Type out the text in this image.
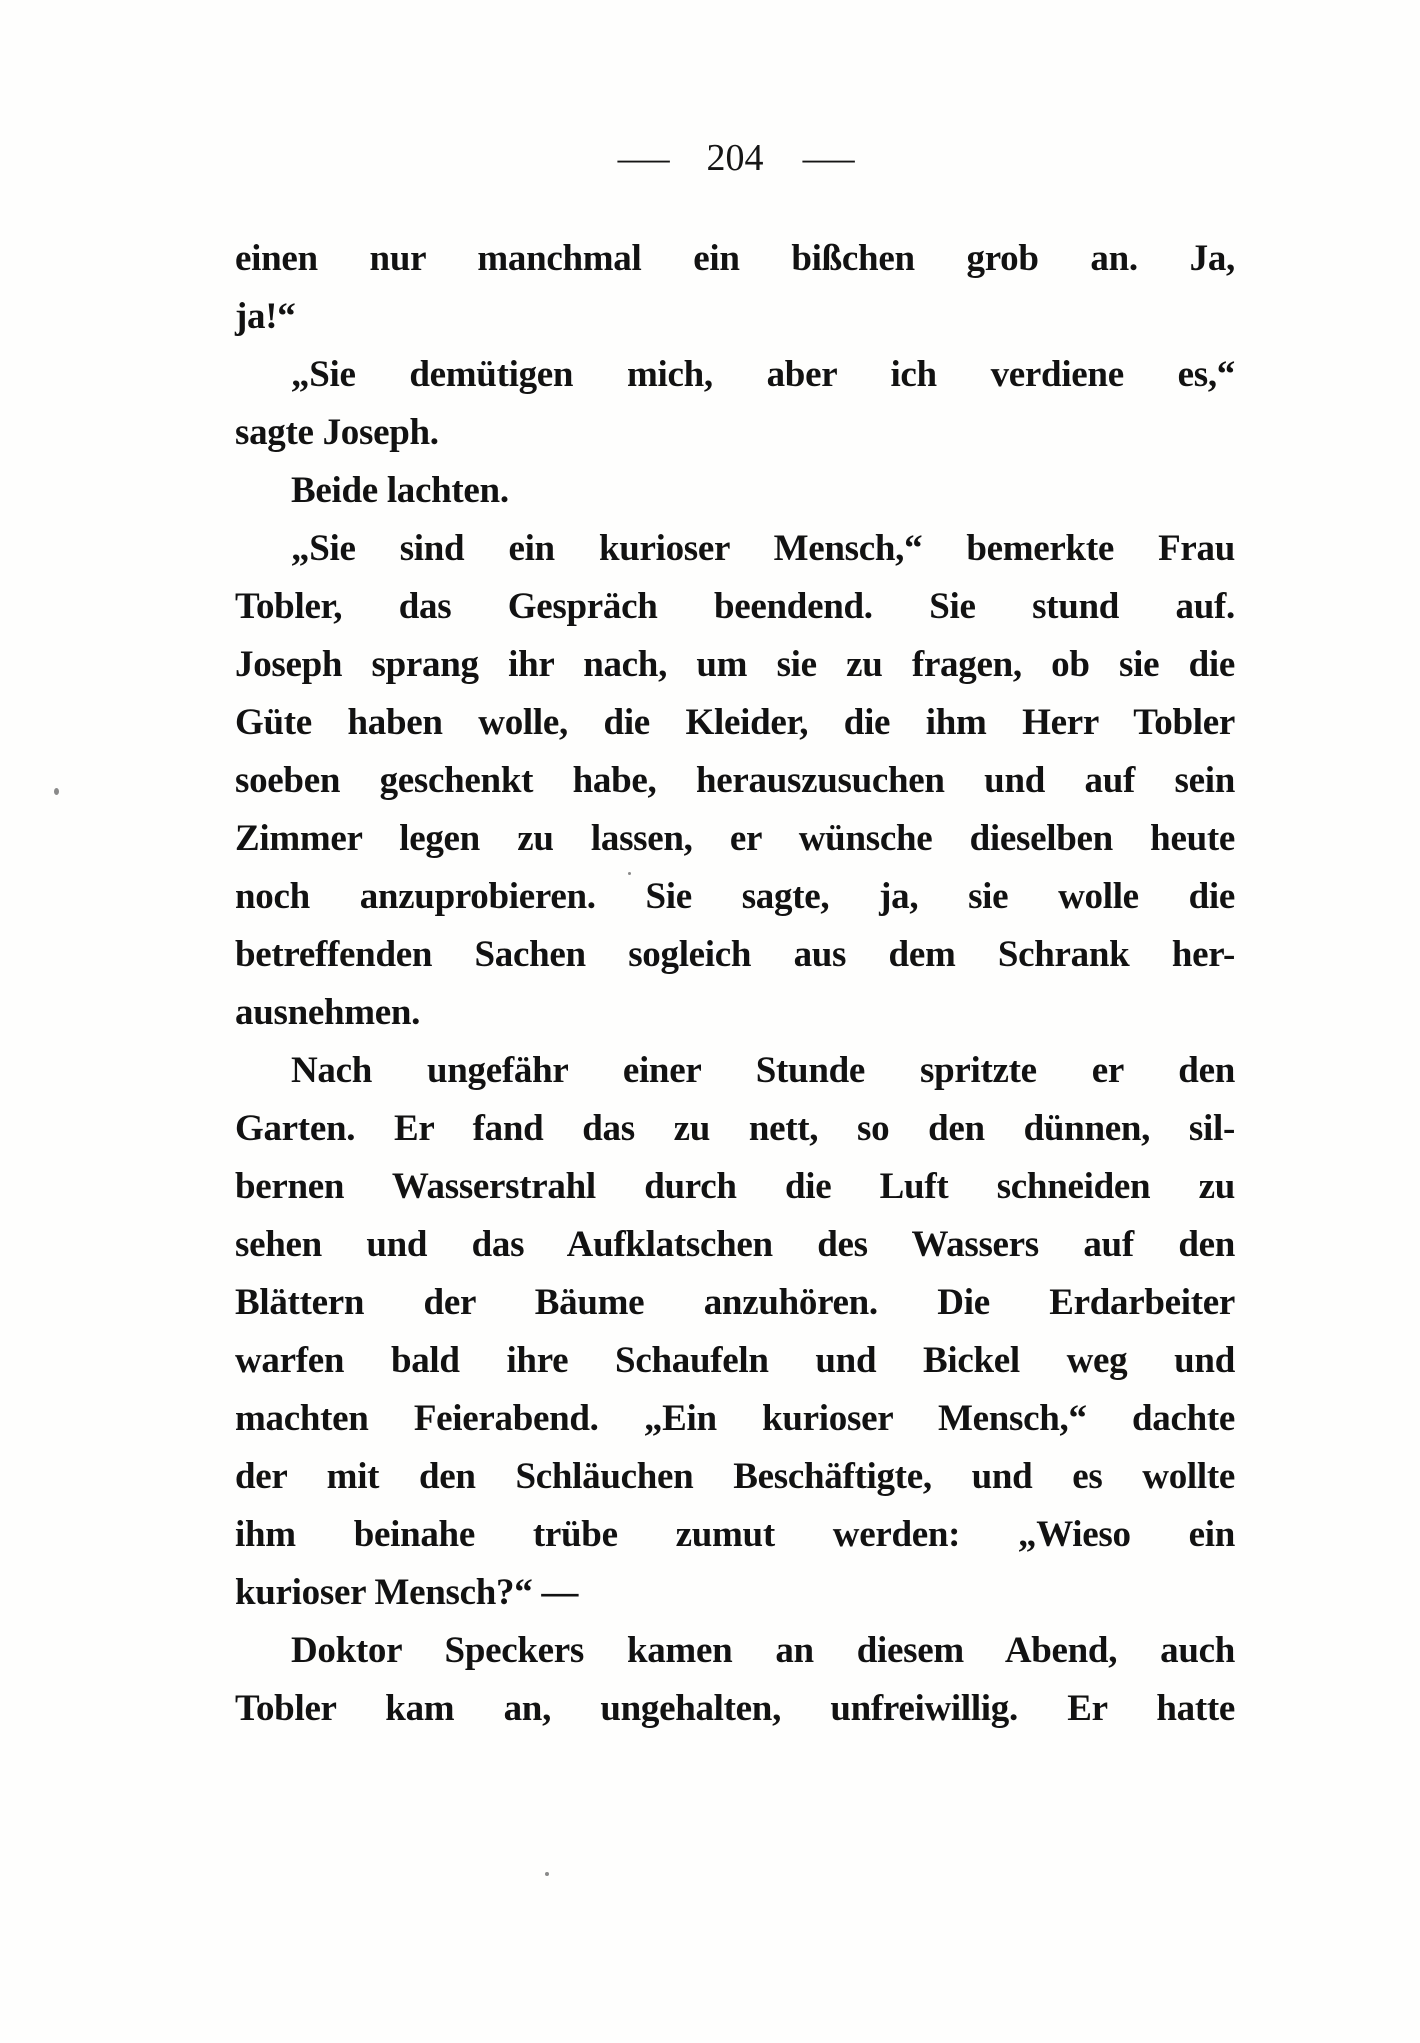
— 204 —
einen nur manchmal ein bißchen grob an. Ja,
ja!“
„Sie demütigen mich, aber ich verdiene es,“
sagte Joseph.
Beide lachten.
„Sie sind ein kurioser Mensch,“ bemerkte Frau
Tobler, das Gespräch beendend. Sie stund auf.
Joseph sprang ihr nach, um sie zu fragen, ob sie die
Güte haben wolle, die Kleider, die ihm Herr Tobler
soeben geschenkt habe, herauszusuchen und auf sein
Zimmer legen zu lassen, er wünsche dieselben heute
noch anzuprobieren. Sie sagte, ja, sie wolle die
betreffenden Sachen sogleich aus dem Schrank her-
ausnehmen.
Nach ungefähr einer Stunde spritzte er den
Garten. Er fand das zu nett, so den dünnen, sil-
bernen Wasserstrahl durch die Luft schneiden zu
sehen und das Aufklatschen des Wassers auf den
Blättern der Bäume anzuhören. Die Erdarbeiter
warfen bald ihre Schaufeln und Bickel weg und
machten Feierabend. „Ein kurioser Mensch,“ dachte
der mit den Schläuchen Beschäftigte, und es wollte
ihm beinahe trübe zumut werden: „Wieso ein
kurioser Mensch?“ —
Doktor Speckers kamen an diesem Abend, auch
Tobler kam an, ungehalten, unfreiwillig. Er hatte
